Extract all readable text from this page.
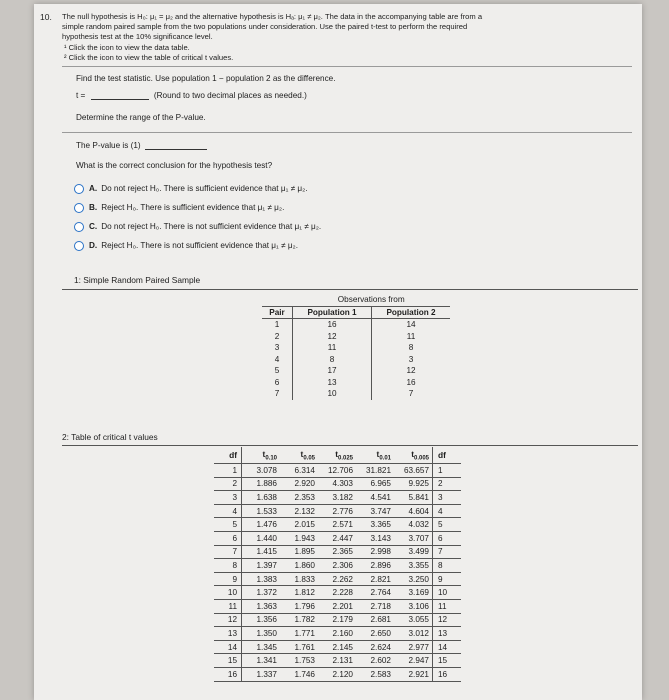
10. The null hypothesis is H₀: μ₁ = μ₂ and the alternative hypothesis is Hₐ: μ₁ ≠ μ₂. The data in the accompanying table are from a
simple random paired sample from the two populations under consideration. Use the paired t-test to perform the required
hypothesis test at the 10% significance level.
¹ Click the icon to view the data table.
² Click the icon to view the table of critical t values.
Find the test statistic. Use population 1 − population 2 as the difference.
t =	(Round to two decimal places as needed.)
Determine the range of the P-value.
The P-value is (1)
What is the correct conclusion for the hypothesis test?
A. Do not reject H₀. There is sufficient evidence that μ₁ ≠ μ₂.
B. Reject H₀. There is sufficient evidence that μ₁ ≠ μ₂.
C. Do not reject H₀. There is not sufficient evidence that μ₁ ≠ μ₂.
D. Reject H₀. There is not sufficient evidence that μ₁ ≠ μ₂.
1: Simple Random Paired Sample
	Observations from	
Pair	Population 1	Population 2
1	16	14
2	12	11
3	11	8
4	8	3
5	17	12
6	13	16
7	10	7
2: Table of critical t values
df	$t_{0.10}$	$t_{0.05}$	$t_{0.025}$	$t_{0.01}$	$t_{0.005}$	df
1	3.078	6.314	12.706	31.821	63.657	1
2	1.886	2.920	4.303	6.965	9.925	2
3	1.638	2.353	3.182	4.541	5.841	3
4	1.533	2.132	2.776	3.747	4.604	4
5	1.476	2.015	2.571	3.365	4.032	5
6	1.440	1.943	2.447	3.143	3.707	6
7	1.415	1.895	2.365	2.998	3.499	7
8	1.397	1.860	2.306	2.896	3.355	8
9	1.383	1.833	2.262	2.821	3.250	9
10	1.372	1.812	2.228	2.764	3.169	10
11	1.363	1.796	2.201	2.718	3.106	11
12	1.356	1.782	2.179	2.681	3.055	12
13	1.350	1.771	2.160	2.650	3.012	13
14	1.345	1.761	2.145	2.624	2.977	14
15	1.341	1.753	2.131	2.602	2.947	15
16	1.337	1.746	2.120	2.583	2.921	16
